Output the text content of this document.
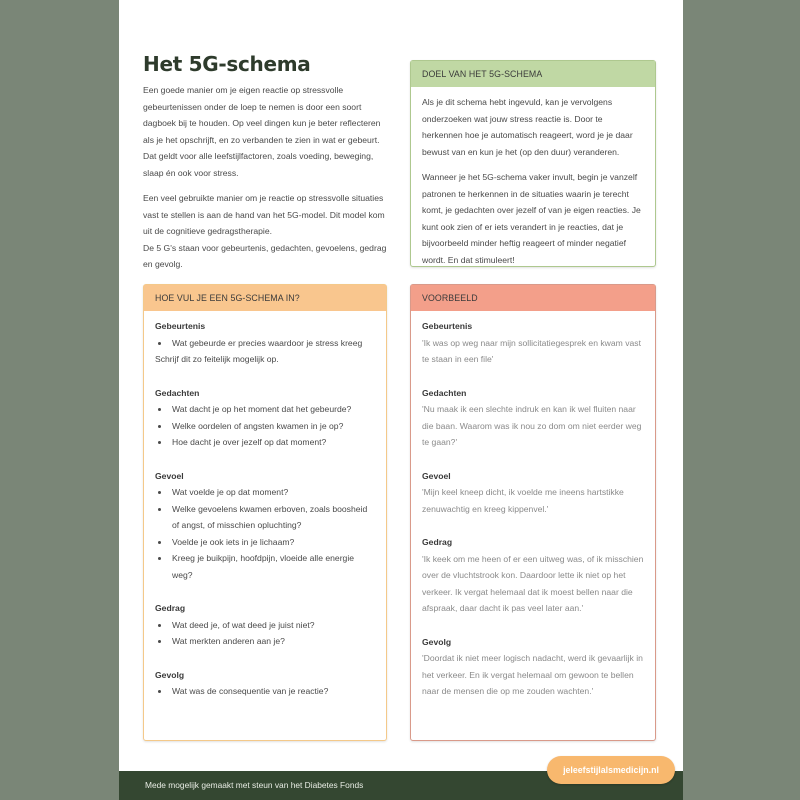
Het 5G-schema

Een goede manier om je eigen reactie op stressvolle gebeurtenissen onder de loep te nemen is door een soort dagboek bij te houden. Op veel dingen kun je beter reflecteren als je het opschrijft, en zo verbanden te zien in wat er gebeurt. Dat geldt voor alle leefstijlfactoren, zoals voeding, beweging, slaap én ook voor stress.

Een veel gebruikte manier om je reactie op stressvolle situaties vast te stellen is aan de hand van het 5G-model. Dit model kom uit de cognitieve gedragstherapie.
De 5 G's staan voor gebeurtenis, gedachten, gevoelens, gedrag en gevolg.

DOEL VAN HET 5G-SCHEMA

Als je dit schema hebt ingevuld, kan je vervolgens onderzoeken wat jouw stress reactie is. Door te herkennen hoe je automatisch reageert, word je je daar bewust van en kun je het (op den duur) veranderen.

Wanneer je het 5G-schema vaker invult, begin je vanzelf patronen te herkennen in de situaties waarin je terecht komt, je gedachten over jezelf of van je eigen reacties. Je kunt ook zien of er iets verandert in je reacties, dat je bijvoorbeeld minder heftig reageert of minder negatief wordt. En dat stimuleert!

HOE VUL JE EEN 5G-SCHEMA IN?
Gebeurtenis
• Wat gebeurde er precies waardoor je stress kreeg
Schrijf dit zo feitelijk mogelijk op.
Gedachten
• Wat dacht je op het moment dat het gebeurde?
• Welke oordelen of angsten kwamen in je op?
• Hoe dacht je over jezelf op dat moment?
Gevoel
• Wat voelde je op dat moment?
• Welke gevoelens kwamen erboven, zoals boosheid of angst, of misschien opluchting?
• Voelde je ook iets in je lichaam?
• Kreeg je buikpijn, hoofdpijn, vloeide alle energie weg?
Gedrag
• Wat deed je, of wat deed je juist niet?
• Wat merkten anderen aan je?
Gevolg
• Wat was de consequentie van je reactie?
VOORBEELD
Gebeurtenis
'Ik was op weg naar mijn sollicitatiegesprek en kwam vast te staan in een file'
Gedachten
'Nu maak ik een slechte indruk en kan ik wel fluiten naar die baan. Waarom was ik nou zo dom om niet eerder weg te gaan?'
Gevoel
'Mijn keel kneep dicht, ik voelde me ineens hartstikke zenuwachtig en kreeg kippenvel.'
Gedrag
'Ik keek om me heen of er een uitweg was, of ik misschien over de vluchtstrook kon. Daardoor lette ik niet op het verkeer. Ik vergat helemaal dat ik moest bellen naar die afspraak, daar dacht ik pas veel later aan.'
Gevolg
'Doordat ik niet meer logisch nadacht, werd ik gevaarlijk in het verkeer. En ik vergat helemaal om gewoon te bellen naar de mensen die op me zouden wachten.'
Mede mogelijk gemaakt met steun van het Diabetes Fonds
jeleefstijlalsmedicijn.nl
